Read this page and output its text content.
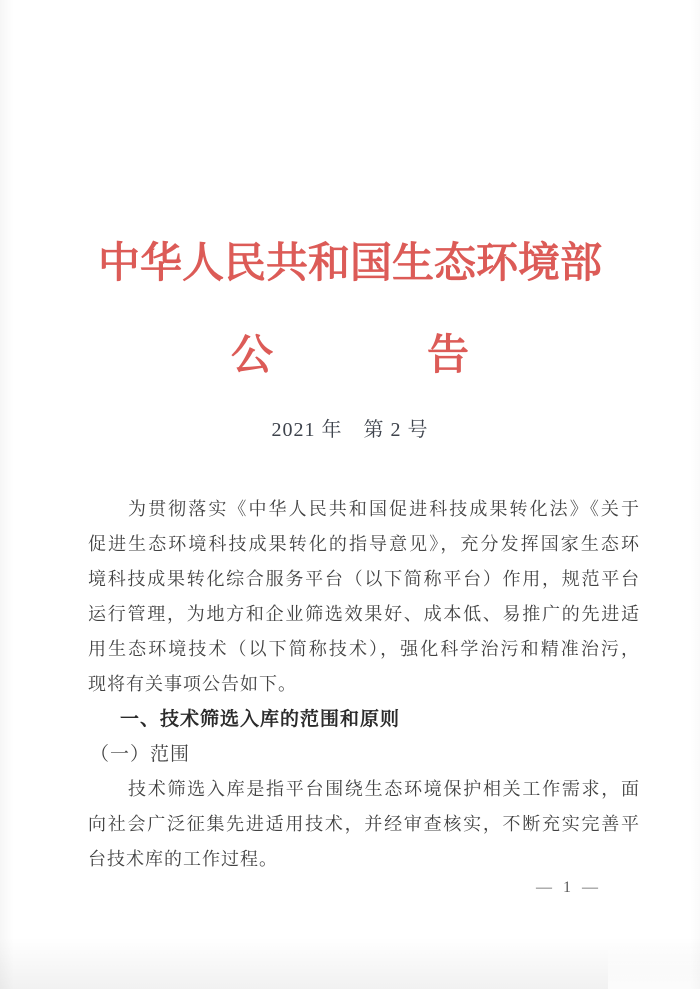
中华人民共和国生态环境部
公	告
2021 年　第 2 号
为贯彻落实《中华人民共和国促进科技成果转化法》《关于
促进生态环境科技成果转化的指导意见》，充分发挥国家生态环
境科技成果转化综合服务平台（以下简称平台）作用，规范平台
运行管理，为地方和企业筛选效果好、成本低、易推广的先进适
用生态环境技术（以下简称技术），强化科学治污和精准治污，
现将有关事项公告如下。
一、技术筛选入库的范围和原则
（一）范围
技术筛选入库是指平台围绕生态环境保护相关工作需求，面
向社会广泛征集先进适用技术，并经审查核实，不断充实完善平
台技术库的工作过程。
— 1 —
